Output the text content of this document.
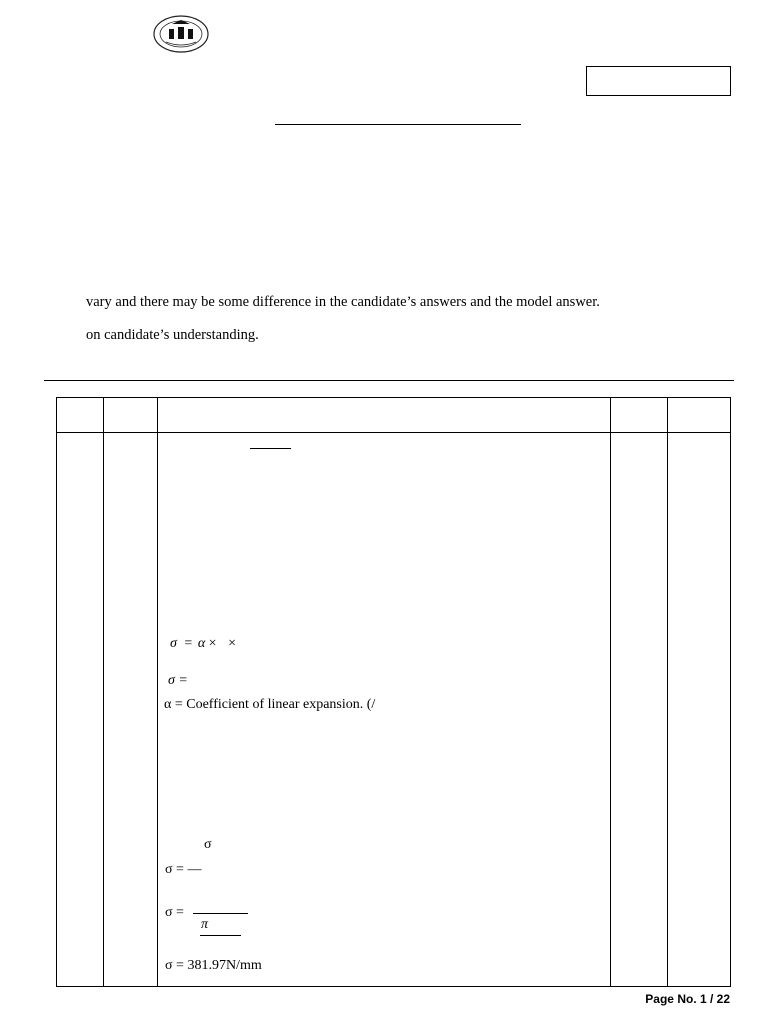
vary and there may be some difference in the candidate’s answers and the model answer.
on candidate’s understanding.
σ = α × ×
σ =
α = Coefficient of linear expansion. (/
σ
σ = —
σ =
π
σ = 381.97N/mm
Page No. 1 / 22
